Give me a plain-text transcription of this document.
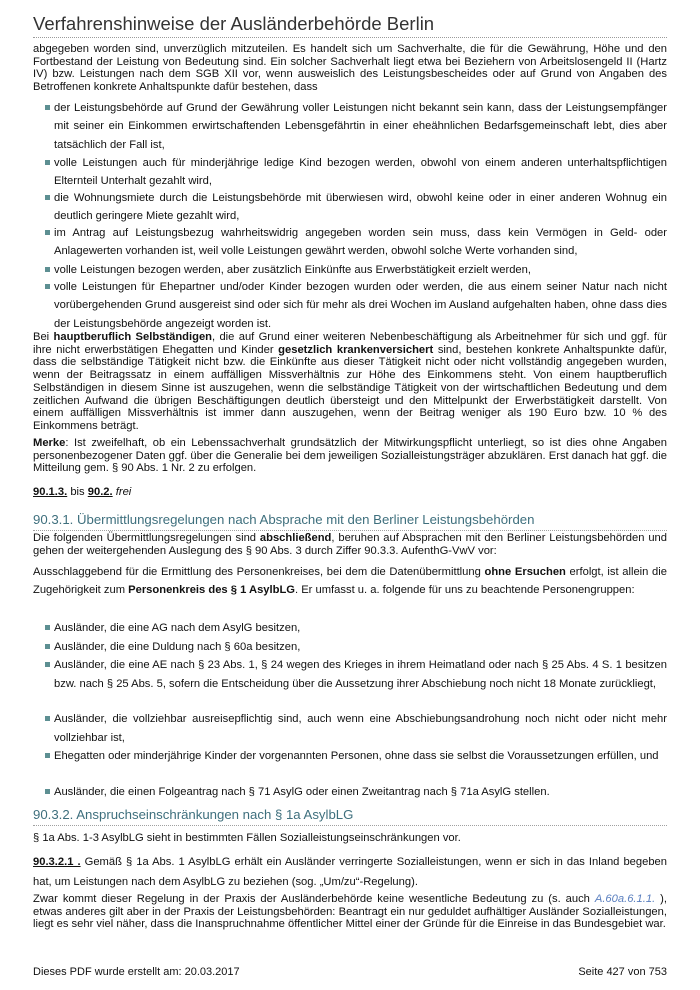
Verfahrenshinweise der Ausländerbehörde Berlin
abgegeben worden sind, unverzüglich mitzuteilen. Es handelt sich um Sachverhalte, die für die Gewährung, Höhe und den Fortbestand der Leistung von Bedeutung sind. Ein solcher Sachverhalt liegt etwa bei Beziehern von Arbeitslosengeld II (Hartz IV) bzw. Leistungen nach dem SGB XII vor, wenn ausweislich des Leistungsbescheides oder auf Grund von Angaben des Betroffenen konkrete Anhaltspunkte dafür bestehen, dass
der Leistungsbehörde auf Grund der Gewährung voller Leistungen nicht bekannt sein kann, dass der Leistungsempfänger mit seiner ein Einkommen erwirtschaftenden Lebensgefährtin in einer eheähnlichen Bedarfsgemeinschaft lebt, dies aber tatsächlich der Fall ist,
volle Leistungen auch für minderjährige ledige Kind bezogen werden, obwohl von einem anderen unterhaltspflichtigen Elternteil Unterhalt gezahlt wird,
die Wohnungsmiete durch die Leistungsbehörde mit überwiesen wird, obwohl keine oder in einer anderen Wohnug ein deutlich geringere Miete gezahlt wird,
im Antrag auf Leistungsbezug wahrheitswidrig angegeben worden sein muss, dass kein Vermögen in Geld- oder Anlagewerten vorhanden ist, weil volle Leistungen gewährt werden, obwohl solche Werte vorhanden sind,
volle Leistungen bezogen werden, aber zusätzlich Einkünfte aus Erwerbstätigkeit erzielt werden,
volle Leistungen für Ehepartner und/oder Kinder bezogen wurden oder werden, die aus einem seiner Natur nach nicht vorübergehenden Grund ausgereist sind oder sich für mehr als drei Wochen im Ausland aufgehalten haben, ohne dass dies der Leistungsbehörde angezeigt worden ist.
Bei hauptberuflich Selbständigen, die auf Grund einer weiteren Nebenbeschäftigung als Arbeitnehmer für sich und ggf. für ihre nicht erwerbstätigen Ehegatten und Kinder gesetzlich krankenversichert sind, bestehen konkrete Anhaltspunkte dafür, dass die selbständige Tätigkeit nicht bzw. die Einkünfte aus dieser Tätigkeit nicht oder nicht vollständig angegeben wurden, wenn der Beitragssatz in einem auffälligen Missverhältnis zur Höhe des Einkommens steht. Von einem hauptberuflich Selbständigen in diesem Sinne ist auszugehen, wenn die selbständige Tätigkeit von der wirtschaftlichen Bedeutung und dem zeitlichen Aufwand die übrigen Beschäftigungen deutlich übersteigt und den Mittelpunkt der Erwerbstätigkeit darstellt. Von einem auffälligen Missverhältnis ist immer dann auszugehen, wenn der Beitrag weniger als 190 Euro bzw. 10 % des Einkommens beträgt.
Merke: Ist zweifelhaft, ob ein Lebenssachverhalt grundsätzlich der Mitwirkungspflicht unterliegt, so ist dies ohne Angaben personenbezogener Daten ggf. über die Generalie bei dem jeweiligen Sozialleistungsträger abzuklären. Erst danach hat ggf. die Mitteilung gem. § 90 Abs. 1 Nr. 2 zu erfolgen.
90.1.3. bis 90.2. frei
90.3.1. Übermittlungsregelungen nach Absprache mit den Berliner Leistungsbehörden
Die folgenden Übermittlungsregelungen sind abschließend, beruhen auf Absprachen mit den Berliner Leistungsbehörden und gehen der weitergehenden Auslegung des § 90 Abs. 3 durch Ziffer 90.3.3. AufenthG-VwV vor:
Ausschlaggebend für die Ermittlung des Personenkreises, bei dem die Datenübermittlung ohne Ersuchen erfolgt, ist allein die Zugehörigkeit zum Personenkreis des § 1 AsylbLG. Er umfasst u. a. folgende für uns zu beachtende Personengruppen:
Ausländer, die eine AG nach dem AsylG besitzen,
Ausländer, die eine Duldung nach § 60a besitzen,
Ausländer, die eine AE nach § 23 Abs. 1, § 24 wegen des Krieges in ihrem Heimatland oder nach § 25 Abs. 4 S. 1 besitzen bzw. nach § 25 Abs. 5, sofern die Entscheidung über die Aussetzung ihrer Abschiebung noch nicht 18 Monate zurückliegt,
Ausländer, die vollziehbar ausreisepflichtig sind, auch wenn eine Abschiebungsandrohung noch nicht oder nicht mehr vollziehbar ist,
Ehegatten oder minderjährige Kinder der vorgenannten Personen, ohne dass sie selbst die Voraussetzungen erfüllen, und
Ausländer, die einen Folgeantrag nach § 71 AsylG oder einen Zweitantrag nach § 71a AsylG stellen.
90.3.2. Anspruchseinschränkungen nach § 1a AsylbLG
§ 1a Abs. 1-3 AsylbLG sieht in bestimmten Fällen Sozialleistungseinschränkungen vor.
90.3.2.1 . Gemäß § 1a Abs. 1 AsylbLG erhält ein Ausländer verringerte Sozialleistungen, wenn er sich in das Inland begeben hat, um Leistungen nach dem AsylbLG zu beziehen (sog. „Um/zu“-Regelung).
Zwar kommt dieser Regelung in der Praxis der Ausländerbehörde keine wesentliche Bedeutung zu (s. auch A.60a.6.1.1. ), etwas anderes gilt aber in der Praxis der Leistungsbehörden: Beantragt ein nur geduldet aufhältiger Ausländer Sozialleistungen, liegt es sehr viel näher, dass die Inanspruchnahme öffentlicher Mittel einer der Gründe für die Einreise in das Bundesgebiet war.
Dieses PDF wurde erstellt am: 20.03.2017	Seite 427 von 753
